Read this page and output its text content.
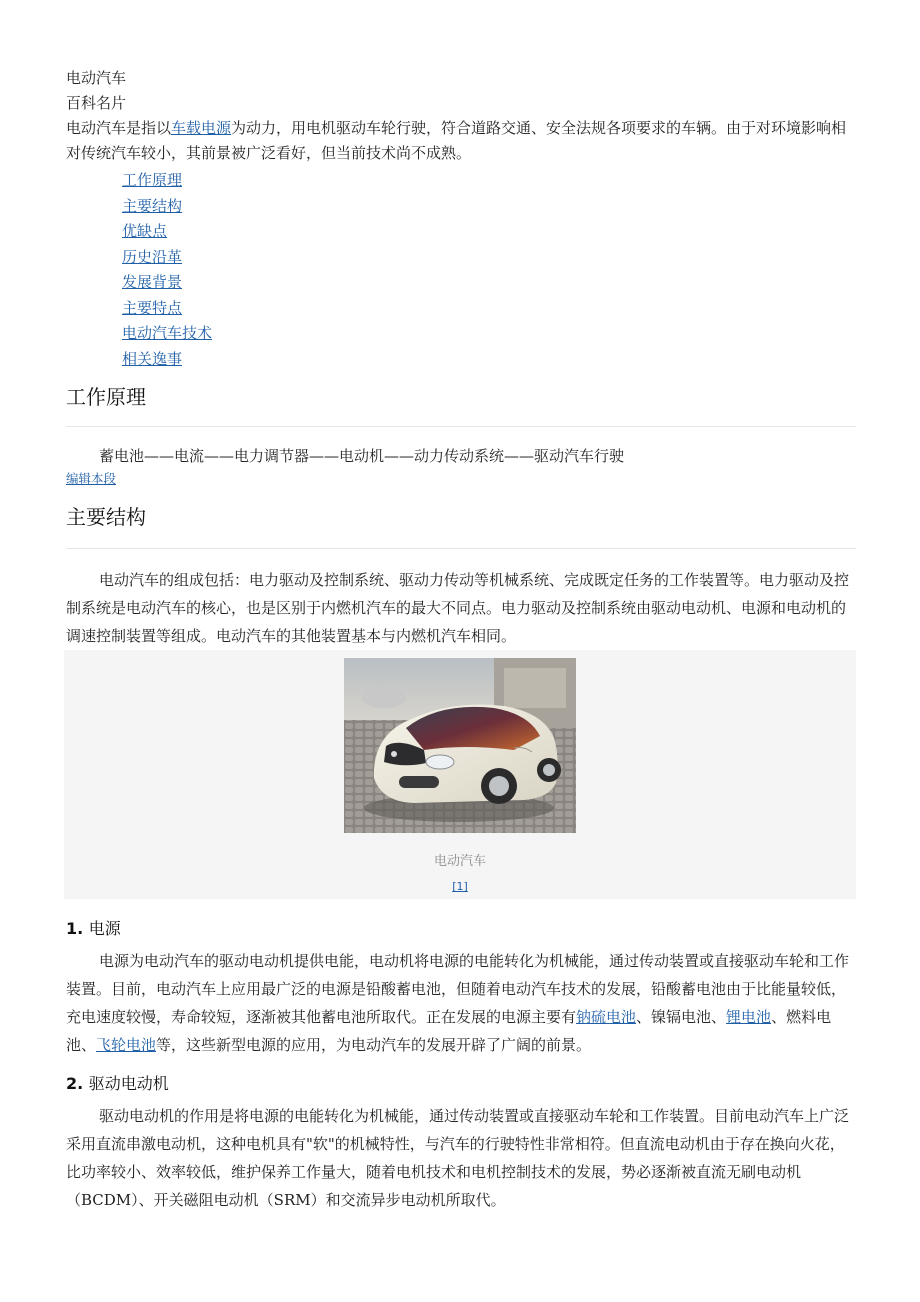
电动汽车
百科名片

电动汽车是指以车载电源为动力，用电机驱动车轮行驶，符合道路交通、安全法规各项要求的车辆。由于对环境影响相对传统汽车较小，其前景被广泛看好，但当前技术尚不成熟。

工作原理
主要结构
优缺点
历史沿革
发展背景
主要特点
电动汽车技术
相关逸事
工作原理

蓄电池——电流——电力调节器——电动机——动力传动系统——驱动汽车行驶

编辑本段
主要结构

电动汽车的组成包括：电力驱动及控制系统、驱动力传动等机械系统、完成既定任务的工作装置等。电力驱动及控制系统是电动汽车的核心，也是区别于内燃机汽车的最大不同点。电力驱动及控制系统由驱动电动机、电源和电动机的调速控制装置等组成。电动汽车的其他装置基本与内燃机汽车相同。

电动汽车
[1]
1. 电源

电源为电动汽车的驱动电动机提供电能，电动机将电源的电能转化为机械能，通过传动装置或直接驱动车轮和工作装置。目前，电动汽车上应用最广泛的电源是铅酸蓄电池，但随着电动汽车技术的发展，铅酸蓄电池由于比能量较低，充电速度较慢，寿命较短，逐渐被其他蓄电池所取代。正在发展的电源主要有钠硫电池、镍镉电池、锂电池、燃料电池、飞轮电池等，这些新型电源的应用，为电动汽车的发展开辟了广阔的前景。

2. 驱动电动机

驱动电动机的作用是将电源的电能转化为机械能，通过传动装置或直接驱动车轮和工作装置。目前电动汽车上广泛采用直流串激电动机，这种电机具有"软"的机械特性，与汽车的行驶特性非常相符。但直流电动机由于存在换向火花，比功率较小、效率较低，维护保养工作量大，随着电机技术和电机控制技术的发展，势必逐渐被直流无刷电动机（BCDM）、开关磁阻电动机（SRM）和交流异步电动机所取代。
